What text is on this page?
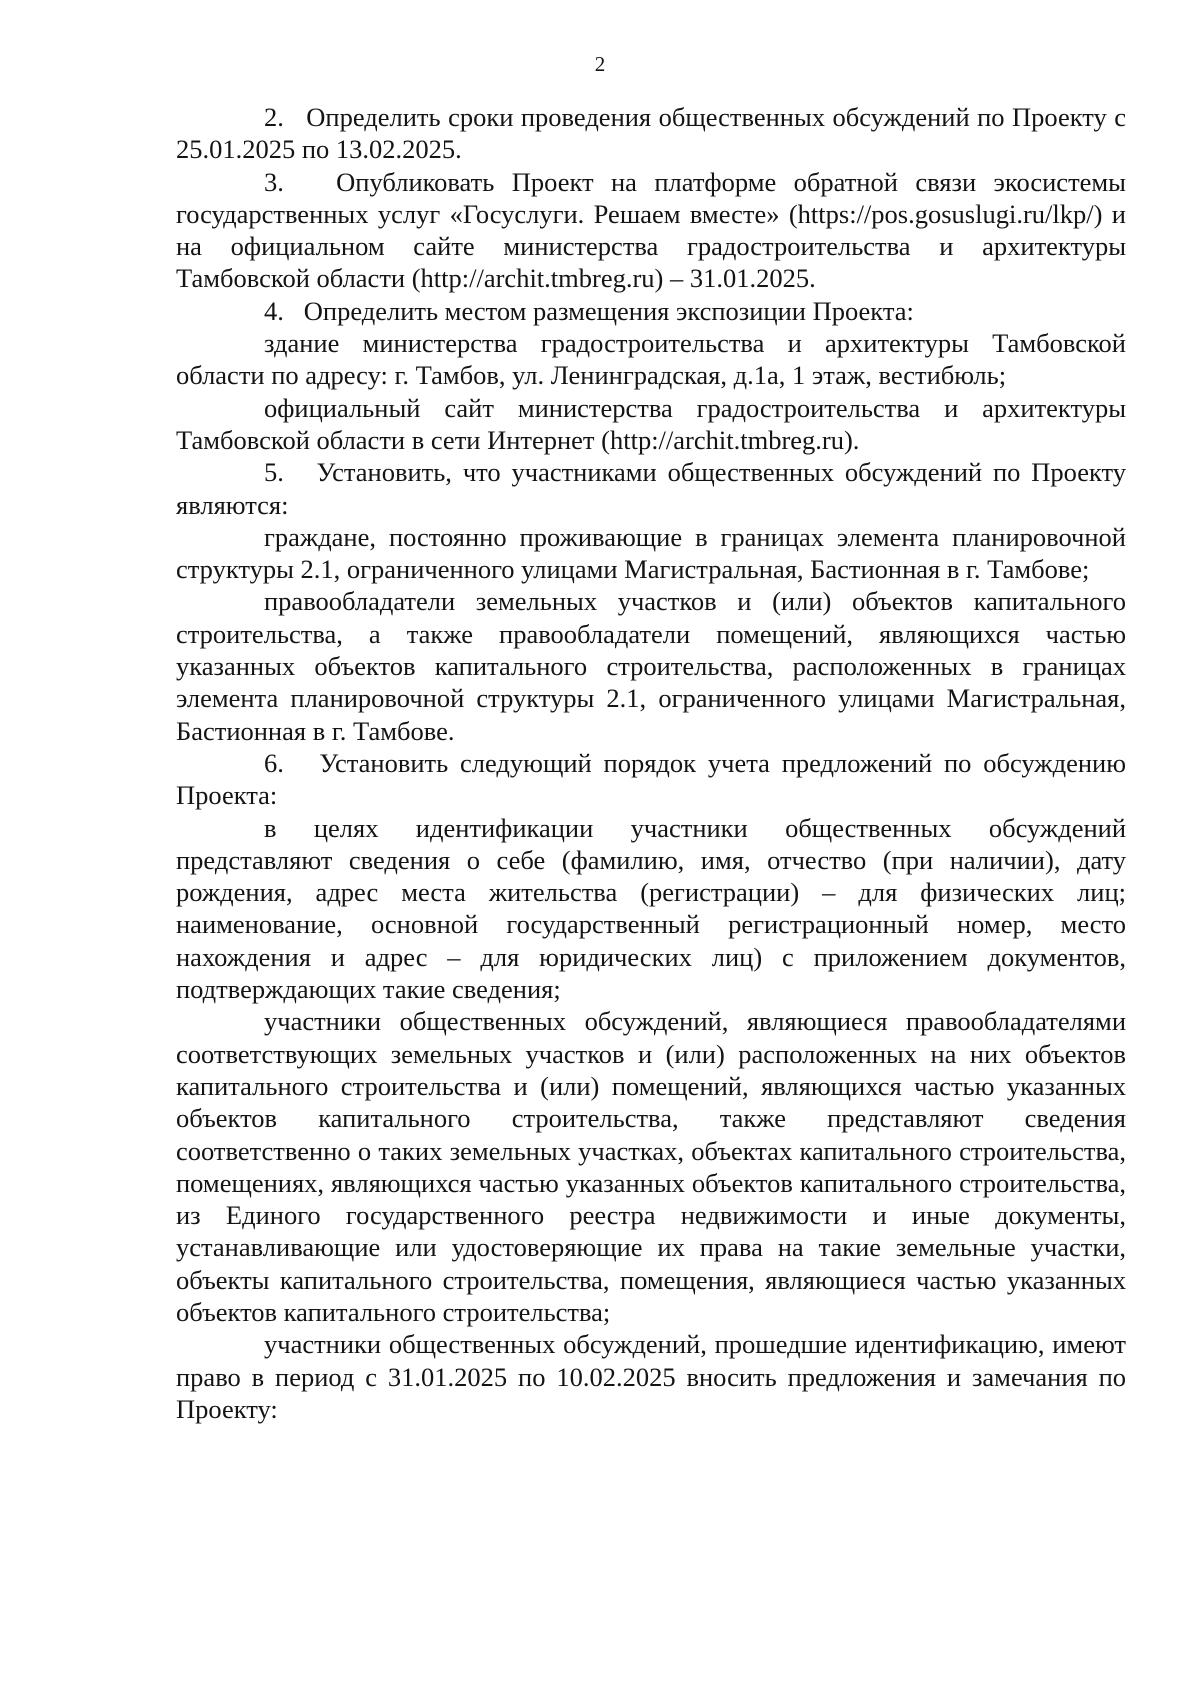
2

2.   Определить сроки проведения общественных обсуждений по Проекту с 25.01.2025 по 13.02.2025.

3.   Опубликовать Проект на платформе обратной связи экосистемы государственных услуг «Госуслуги. Решаем вместе» (https://pos.gosuslugi.ru/lkp/) и на официальном сайте министерства градостроительства и архитектуры Тамбовской области (http://archit.tmbreg.ru) – 31.01.2025.

4.   Определить местом размещения экспозиции Проекта:

здание министерства градостроительства и архитектуры Тамбовской области по адресу: г. Тамбов, ул. Ленинградская, д.1а, 1 этаж, вестибюль;

официальный сайт министерства градостроительства и архитектуры Тамбовской области в сети Интернет (http://archit.tmbreg.ru).

5.   Установить, что участниками общественных обсуждений по Проекту являются:

граждане, постоянно проживающие в границах элемента планировочной структуры 2.1, ограниченного улицами Магистральная, Бастионная в г. Тамбове;

правообладатели земельных участков и (или) объектов капитального строительства, а также правообладатели помещений, являющихся частью указанных объектов капитального строительства, расположенных в границах элемента планировочной структуры 2.1, ограниченного улицами Магистральная, Бастионная в г. Тамбове.

6.   Установить следующий порядок учета предложений по обсуждению Проекта:

в целях идентификации участники общественных обсуждений представляют сведения о себе (фамилию, имя, отчество (при наличии), дату рождения, адрес места жительства (регистрации) – для физических лиц; наименование, основной государственный регистрационный номер, место нахождения и адрес – для юридических лиц) с приложением документов, подтверждающих такие сведения;

участники общественных обсуждений, являющиеся правообладателями соответствующих земельных участков и (или) расположенных на них объектов капитального строительства и (или) помещений, являющихся частью указанных объектов капитального строительства, также представляют сведения соответственно о таких земельных участках, объектах капитального строительства, помещениях, являющихся частью указанных объектов капитального строительства, из Единого государственного реестра недвижимости и иные документы, устанавливающие или удостоверяющие их права на такие земельные участки, объекты капитального строительства, помещения, являющиеся частью указанных объектов капитального строительства;

участники общественных обсуждений, прошедшие идентификацию, имеют право в период с 31.01.2025 по 10.02.2025 вносить предложения и замечания по Проекту:
